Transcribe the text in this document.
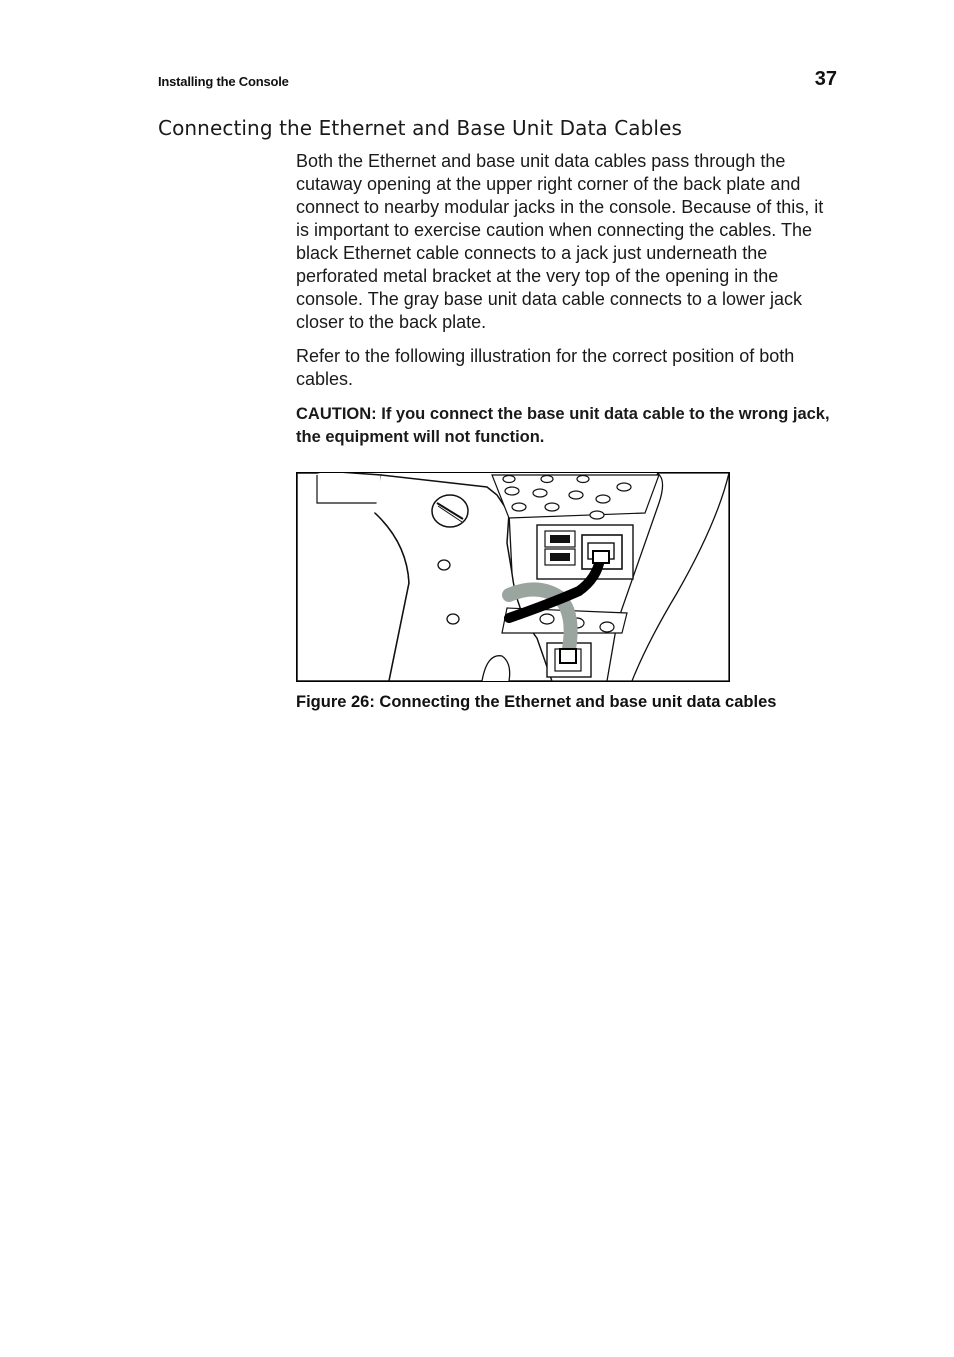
Installing the Console	37
Connecting the Ethernet and Base Unit Data Cables

Both the Ethernet and base unit data cables pass through the cutaway opening at the upper right corner of the back plate and connect to nearby modular jacks in the console. Because of this, it is important to exercise caution when connecting the cables. The black Ethernet cable connects to a jack just underneath the perforated metal bracket at the very top of the opening in the console. The gray base unit data cable connects to a lower jack closer to the back plate.

Refer to the following illustration for the correct position of both cables.

CAUTION: If you connect the base unit data cable to the wrong jack, the equipment will not function.

Figure 26: Connecting the Ethernet and base unit data cables
